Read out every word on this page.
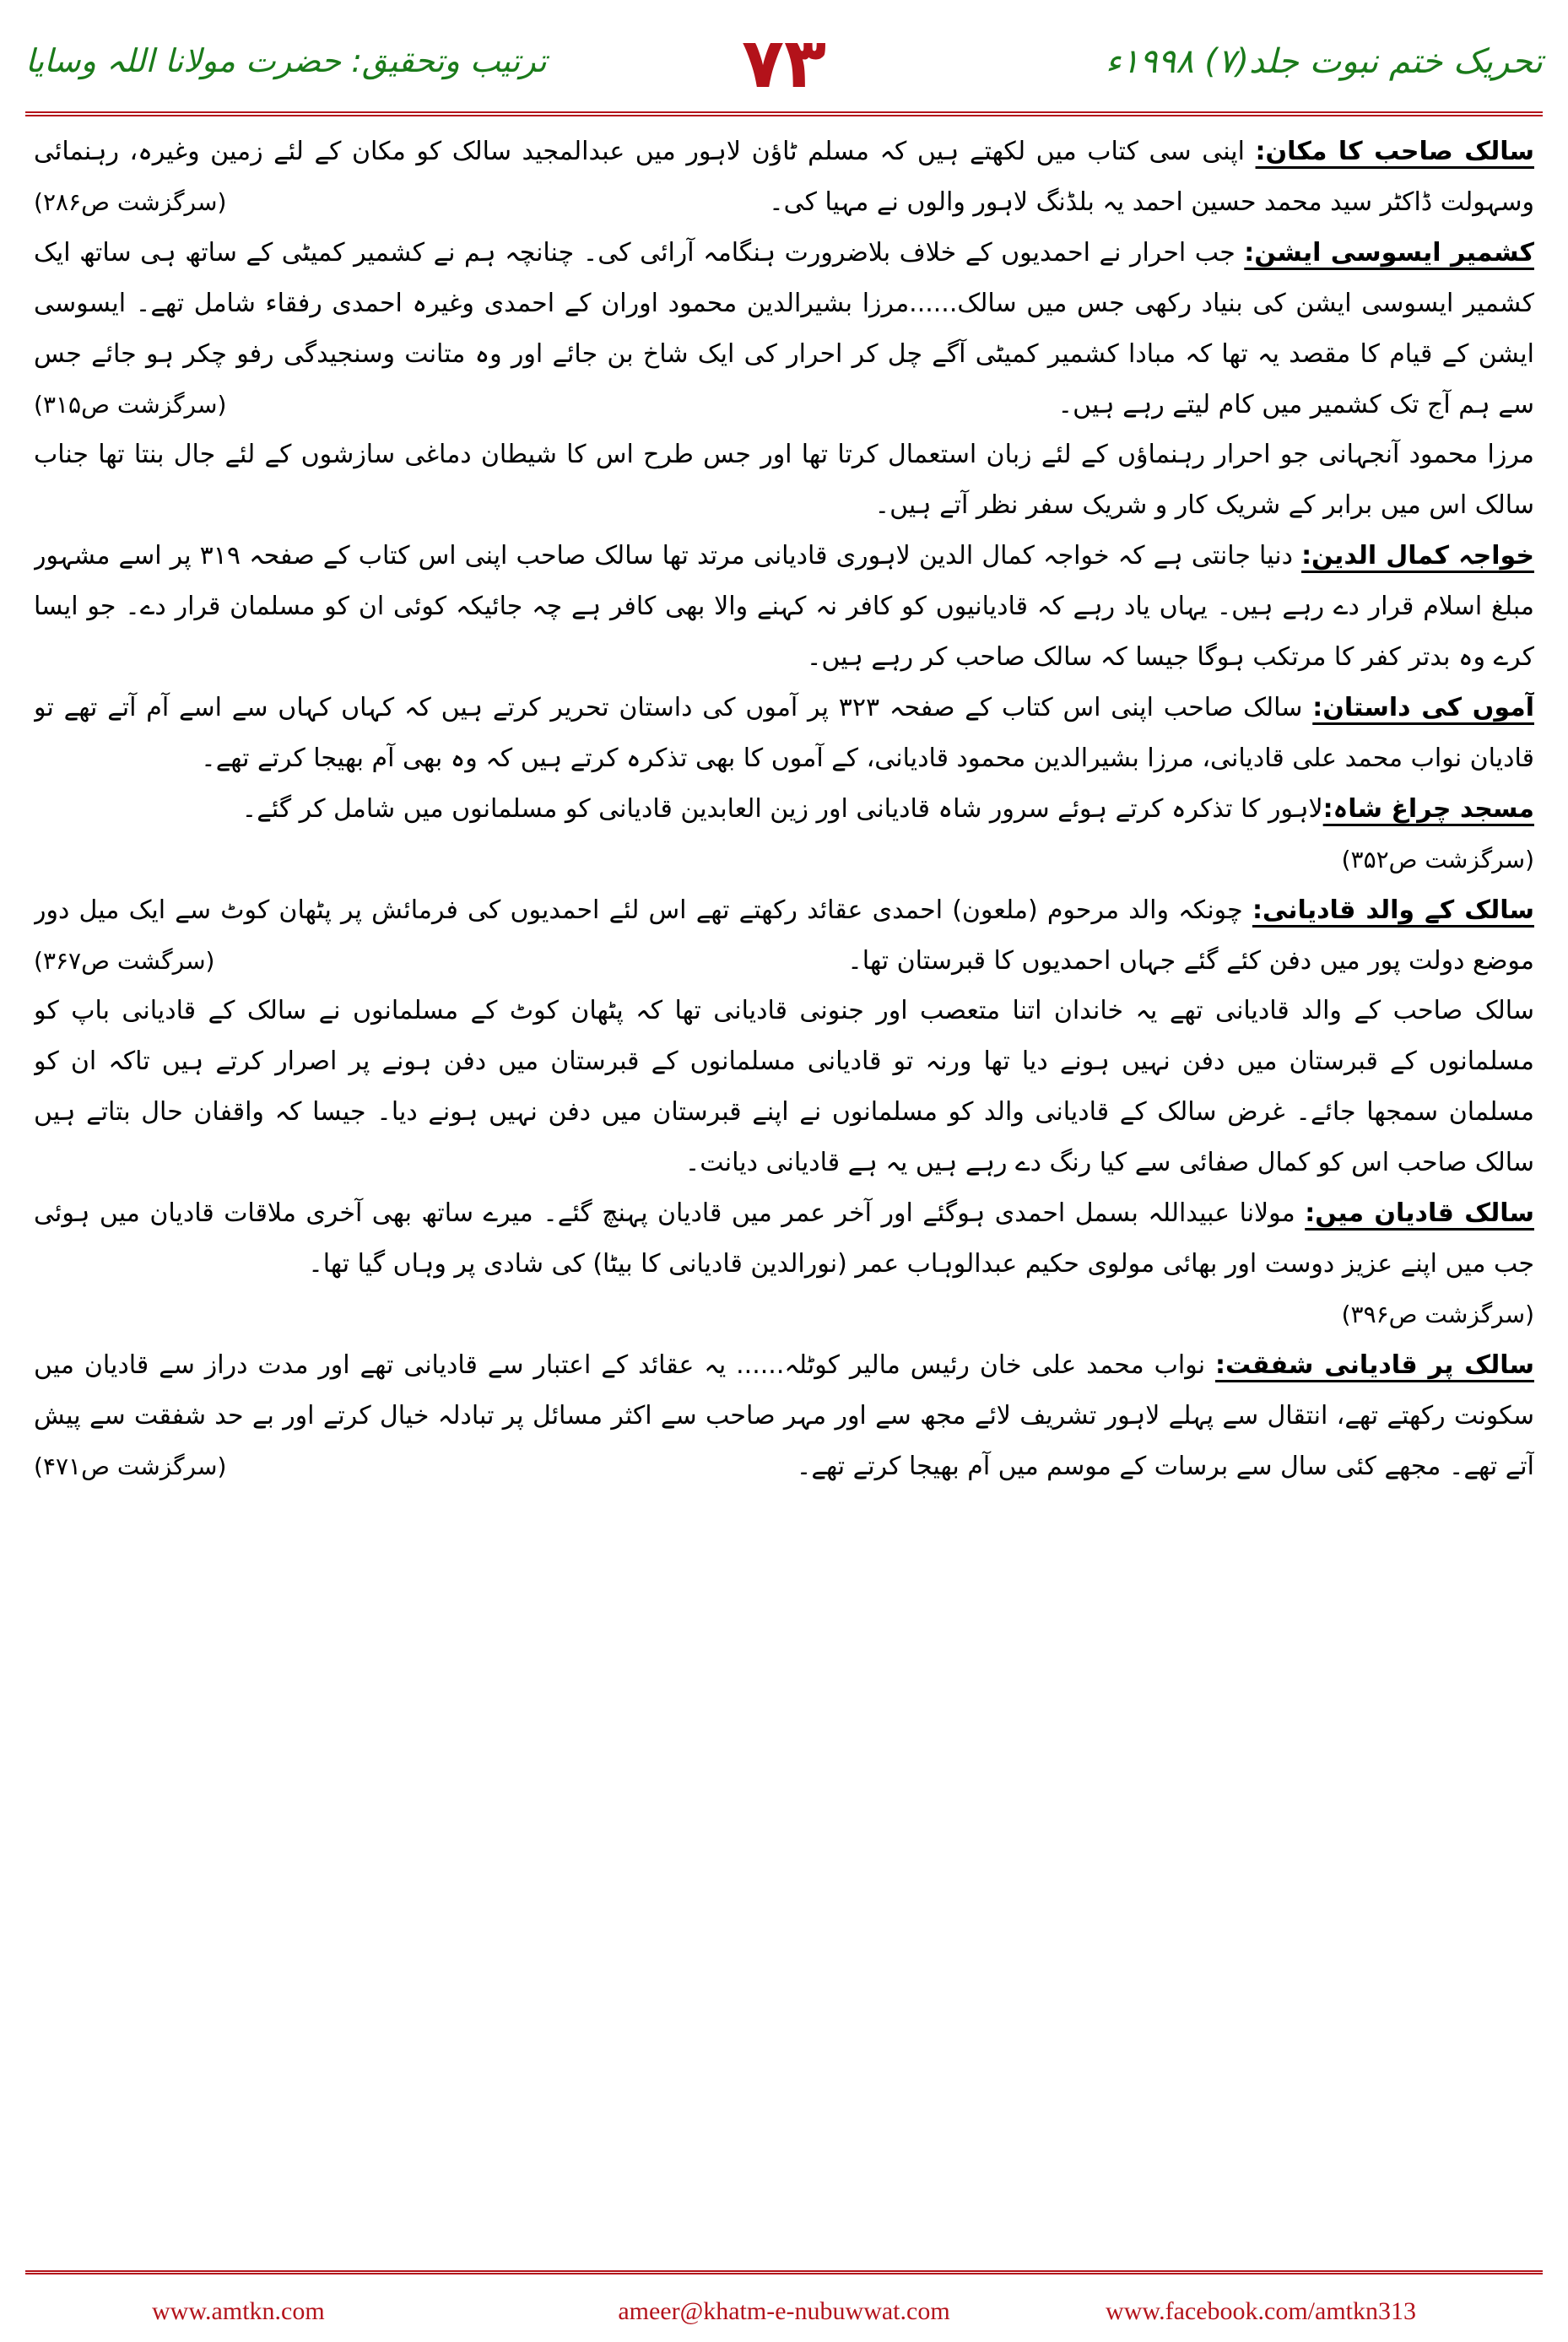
تحریک ختم نبوت جلد(۷) ۱۹۹۸ء
۷۳
ترتیب وتحقیق: حضرت مولانا اللہ وسایا

سالک صاحب کا مکان: اپنی سی کتاب میں لکھتے ہیں کہ مسلم ٹاؤن لاہور میں عبدالمجید سالک کو مکان کے لئے زمین وغیرہ، رہنمائی وسہولت ڈاکٹر سید محمد حسین احمد یہ بلڈنگ لاہور والوں نے مہیا کی۔
(سرگزشت ص۲۸۶)

کشمیر ایسوسی ایشن: جب احرار نے احمدیوں کے خلاف بلاضرورت ہنگامہ آرائی کی۔ چنانچہ ہم نے کشمیر کمیٹی کے ساتھ ہی ساتھ ایک کشمیر ایسوسی ایشن کی بنیاد رکھی جس میں سالک......مرزا بشیرالدین محمود اوران کے احمدی وغیرہ احمدی رفقاء شامل تھے۔ ایسوسی ایشن کے قیام کا مقصد یہ تھا کہ مبادا کشمیر کمیٹی آگے چل کر احرار کی ایک شاخ بن جائے اور وہ متانت وسنجیدگی رفو چکر ہو جائے جس سے ہم آج تک کشمیر میں کام لیتے رہے ہیں۔
(سرگزشت ص۳۱۵)

مرزا محمود آنجہانی جو احرار رہنماؤں کے لئے زبان استعمال کرتا تھا اور جس طرح اس کا شیطان دماغی سازشوں کے لئے جال بنتا تھا جناب سالک اس میں برابر کے شریک کار و شریک سفر نظر آتے ہیں۔

خواجہ کمال الدین: دنیا جانتی ہے کہ خواجہ کمال الدین لاہوری قادیانی مرتد تھا سالک صاحب اپنی اس کتاب کے صفحہ ۳۱۹ پر اسے مشہور مبلغ اسلام قرار دے رہے ہیں۔ یہاں یاد رہے کہ قادیانیوں کو کافر نہ کہنے والا بھی کافر ہے چہ جائیکہ کوئی ان کو مسلمان قرار دے۔ جو ایسا کرے وہ بدتر کفر کا مرتکب ہوگا جیسا کہ سالک صاحب کر رہے ہیں۔

آموں کی داستان: سالک صاحب اپنی اس کتاب کے صفحہ ۳۲۳ پر آموں کی داستان تحریر کرتے ہیں کہ کہاں کہاں سے اسے آم آتے تھے تو قادیان نواب محمد علی قادیانی، مرزا بشیرالدین محمود قادیانی، کے آموں کا بھی تذکرہ کرتے ہیں کہ وہ بھی آم بھیجا کرتے تھے۔

مسجد چراغ شاہ:لاہور کا تذکرہ کرتے ہوئے سرور شاہ قادیانی اور زین العابدین قادیانی کو مسلمانوں میں شامل کر گئے۔

(سرگزشت ص۳۵۲)

سالک کے والد قادیانی: چونکہ والد مرحوم (ملعون) احمدی عقائد رکھتے تھے اس لئے احمدیوں کی فرمائش پر پٹھان کوٹ سے ایک میل دور موضع دولت پور میں دفن کئے گئے جہاں احمدیوں کا قبرستان تھا۔
(سرگشت ص۳۶۷)

سالک صاحب کے والد قادیانی تھے یہ خاندان اتنا متعصب اور جنونی قادیانی تھا کہ پٹھان کوٹ کے مسلمانوں نے سالک کے قادیانی باپ کو مسلمانوں کے قبرستان میں دفن نہیں ہونے دیا تھا ورنہ تو قادیانی مسلمانوں کے قبرستان میں دفن ہونے پر اصرار کرتے ہیں تاکہ ان کو مسلمان سمجھا جائے۔ غرض سالک کے قادیانی والد کو مسلمانوں نے اپنے قبرستان میں دفن نہیں ہونے دیا۔ جیسا کہ واقفان حال بتاتے ہیں سالک صاحب اس کو کمال صفائی سے کیا رنگ دے رہے ہیں یہ ہے قادیانی دیانت۔

سالک قادیان میں: مولانا عبیداللہ بسمل احمدی ہوگئے اور آخر عمر میں قادیان پہنچ گئے۔ میرے ساتھ بھی آخری ملاقات قادیان میں ہوئی جب میں اپنے عزیز دوست اور بھائی مولوی حکیم عبدالوہاب عمر (نورالدین قادیانی کا بیٹا) کی شادی پر وہاں گیا تھا۔

(سرگزشت ص۳۹۶)

سالک پر قادیانی شفقت: نواب محمد علی خان رئیس مالیر کوٹلہ...... یہ عقائد کے اعتبار سے قادیانی تھے اور مدت دراز سے قادیان میں سکونت رکھتے تھے، انتقال سے پہلے لاہور تشریف لائے مجھ سے اور مہر صاحب سے اکثر مسائل پر تبادلہ خیال کرتے اور بے حد شفقت سے پیش آتے تھے۔ مجھے کئی سال سے برسات کے موسم میں آم بھیجا کرتے تھے۔
(سرگزشت ص۴۷۱)

www.amtkn.com	ameer@khatm-e-nubuwwat.com	www.facebook.com/amtkn313
